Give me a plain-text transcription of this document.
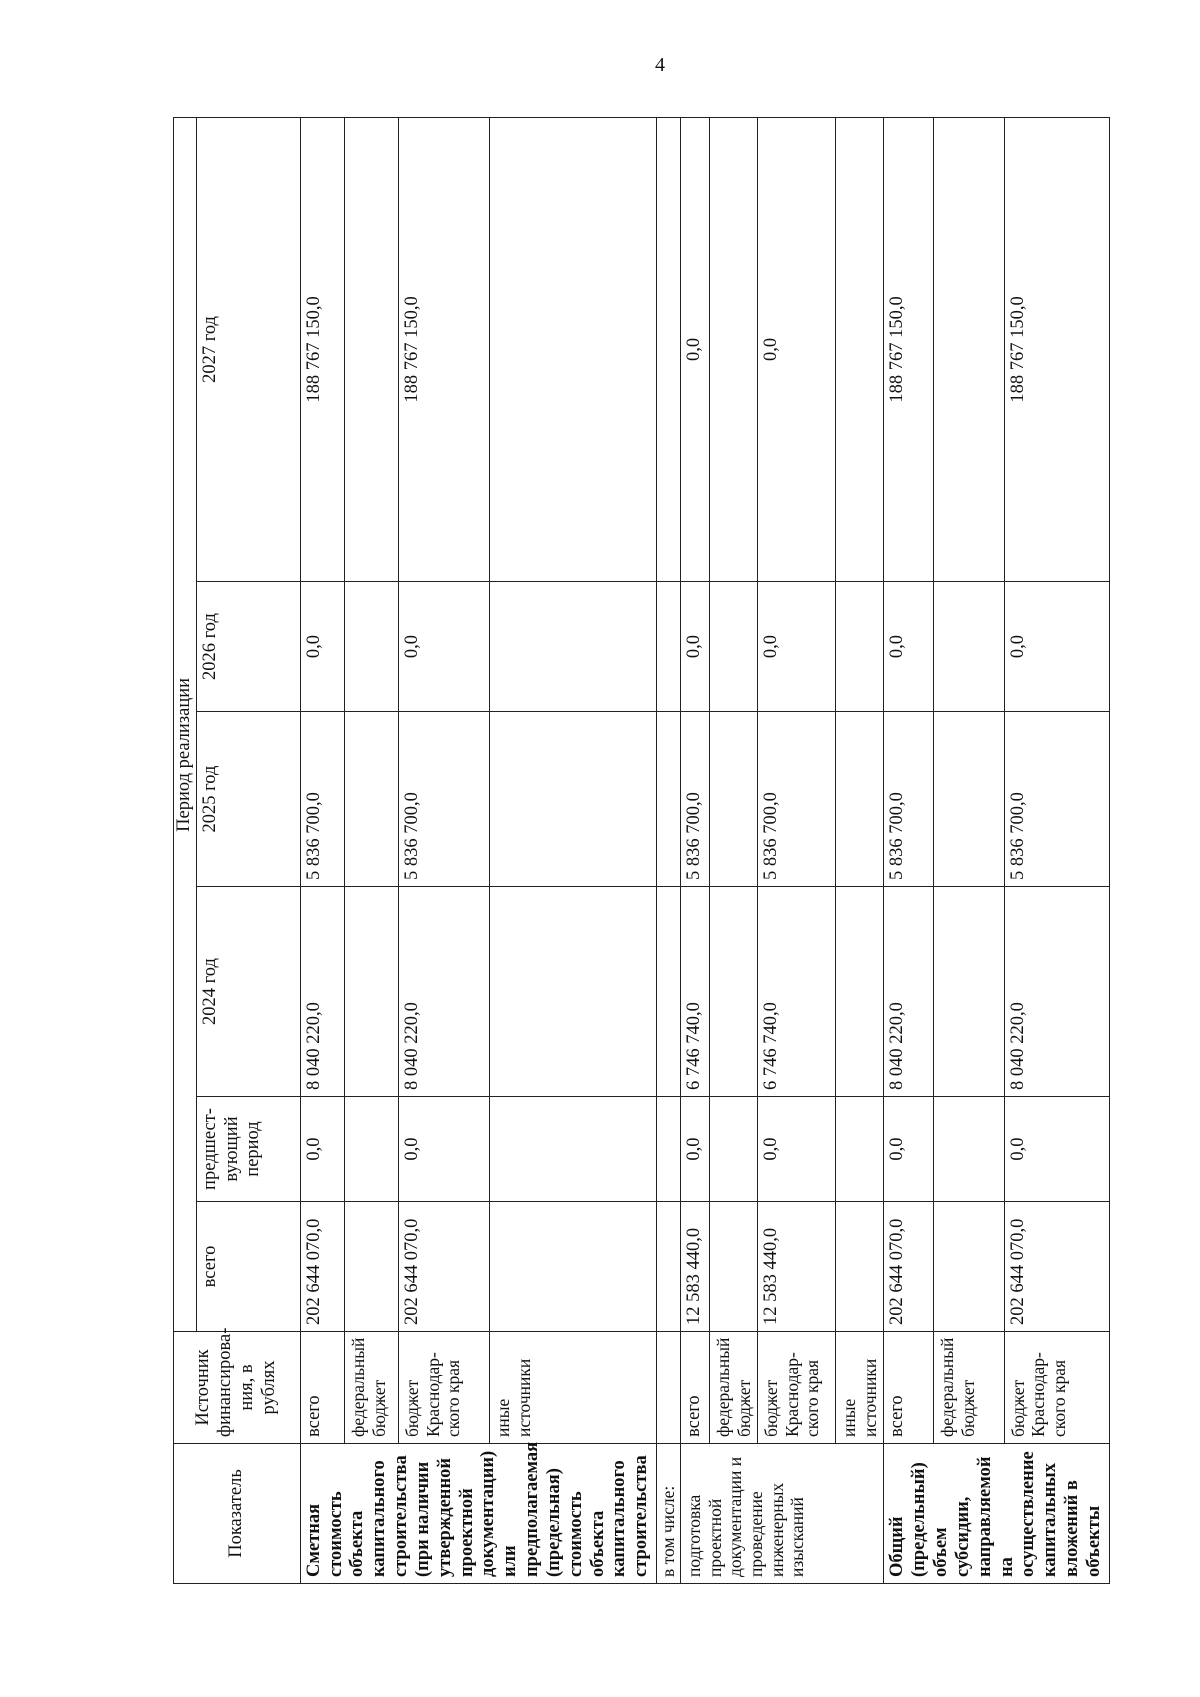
4
Показатель	Источник финансирова-ния, в рублях	Период реализации					
		всего	предшест-вующий период	2024 год	2025 год	2026 год	2027 год
Сметная стоимость объекта капитального строительства (при наличии утвержденной проектной документации) или предполагаемая (предельная) стоимость объекта капитального строительства	всего	202 644 070,0	0,0	8 040 220,0	5 836 700,0	0,0	188 767 150,0
	федеральный бюджет						
	бюджет Краснодар-ского края	202 644 070,0	0,0	8 040 220,0	5 836 700,0	0,0	188 767 150,0
	иные источники						
в том числе:							
подготовка проектной документации и проведение инженерных изысканий	всего	12 583 440,0	0,0	6 746 740,0	5 836 700,0	0,0	0,0
	федеральный бюджет						
	бюджет Краснодар-ского края	12 583 440,0	0,0	6 746 740,0	5 836 700,0	0,0	0,0
	иные источники						
Общий (предельный) объем субсидии, направляемой на осуществление капитальных вложений в объекты	всего	202 644 070,0	0,0	8 040 220,0	5 836 700,0	0,0	188 767 150,0
	федеральный бюджет						
	бюджет Краснодар-ского края	202 644 070,0	0,0	8 040 220,0	5 836 700,0	0,0	188 767 150,0
